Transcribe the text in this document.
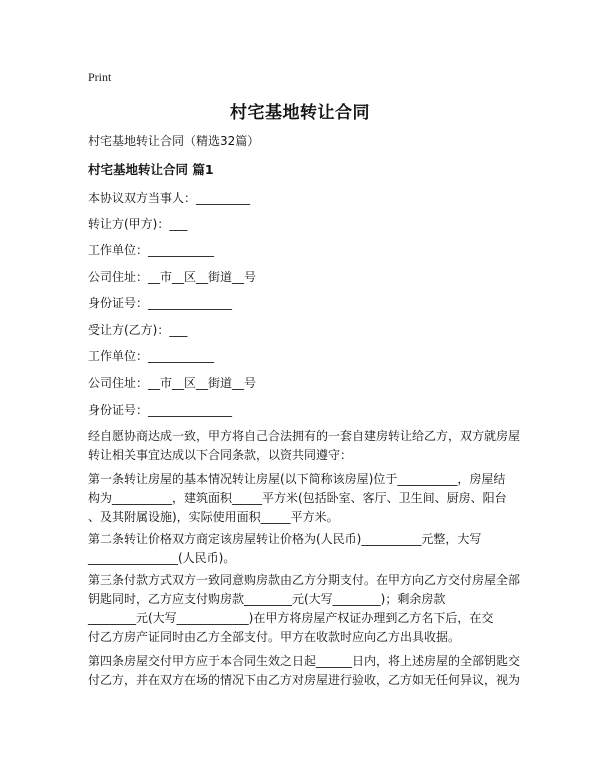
Print
村宅基地转让合同
村宅基地转让合同（精选32篇）
村宅基地转让合同 篇1
本协议双方当事人：_________
转让方(甲方)：___
工作单位：___________
公司住址：__市__区__街道__号
身份证号：______________
受让方(乙方)：___
工作单位：___________
公司住址：__市__区__街道__号
身份证号：______________
经自愿协商达成一致，甲方将自己合法拥有的一套自建房转让给乙方，双方就房屋
转让相关事宜达成以下合同条款，以资共同遵守：
第一条转让房屋的基本情况转让房屋(以下简称该房屋)位于__________，房屋结
构为__________，建筑面积_____平方米(包括卧室、客厅、卫生间、厨房、阳台
、及其附属设施)，实际使用面积_____平方米。
第二条转让价格双方商定该房屋转让价格为(人民币)__________元整，大写
_______________(人民币)。
第三条付款方式双方一致同意购房款由乙方分期支付。在甲方向乙方交付房屋全部
钥匙同时，乙方应支付购房款________元(大写________)；剩余房款
________元(大写____________)在甲方将房屋产权证办理到乙方名下后，在交
付乙方房产证同时由乙方全部支付。甲方在收款时应向乙方出具收据。
第四条房屋交付甲方应于本合同生效之日起______日内，将上述房屋的全部钥匙交
付乙方，并在双方在场的情况下由乙方对房屋进行验收，乙方如无任何异议，视为
